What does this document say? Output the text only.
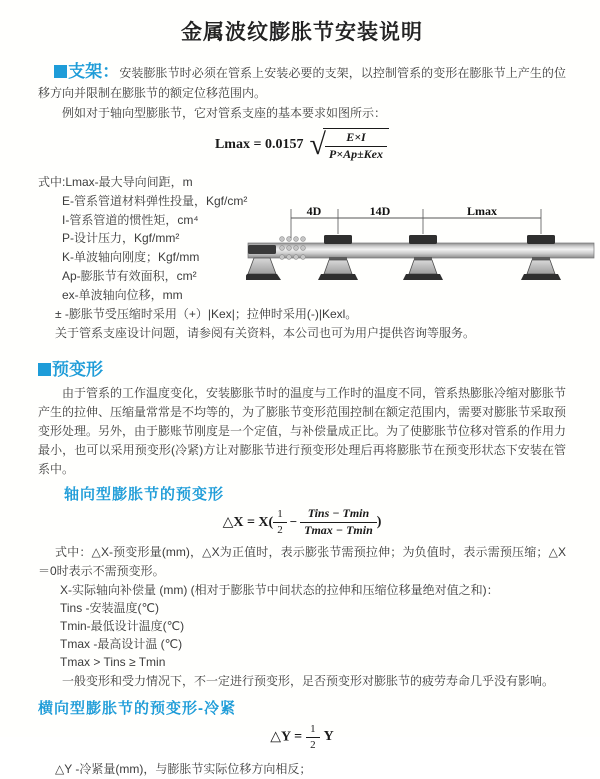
金属波纹膨胀节安装说明

支架：安装膨胀节时必须在管系上安装必要的支架，以控制管系的变形在膨胀节上产生的位移方向并限制在膨胀节的额定位移范围内。

例如对于轴向型膨胀节，它对管系支座的基本要求如图所示：

Lmax = 0.0157 √ $\frac{E\times I}{\text{P×Ap±Kex}}$
式中:Lmax-最大导向间距，m
E-管系管道材料弹性投量，Kgf/cm²
I-管系管道的惯性矩，cm⁴
P-设计压力，Kgf/mm²
K-单波轴向刚度；Kgf/mm
Ap-膨胀节有效面积，cm²
ex-单波轴向位移，mm
4D	14D	Lmax

± -膨胀节受压缩时采用（+）|Kex|；拉伸时采用(-)|Kexl。

关于管系支座设计问题，请参阅有关资料，本公司也可为用户提供咨询等服务。

预变形

由于管系的工作温度变化，安装膨胀节时的温度与工作时的温度不同，管系热膨胀冷缩对膨胀节产生的拉伸、压缩量常常是不均等的，为了膨胀节变形范围控制在额定范围内，需要对膨胀节采取预变形处理。另外，由于膨账节刚度是一个定值，与补偿量成正比。为了使膨胀节位移对管系的作用力最小，也可以采用预变形(冷紧)方让对膨胀节进行预变形处理后再将膨胀节在预变形状态下安装在管系中。

轴向型膨胀节的预变形
△X = $X( \frac{1}{2} - \frac{\text{Tins − Tmin}}{Tmax - Tmin}$ )

式中：△X-预变形量(mm)，△X为正值时，表示膨张节需预拉伸；为负值时，表示需预压缩；△X＝0时表示不需预变形。

X-实际轴向补偿量 (mm) (相对于膨胀节中间状态的拉伸和压缩位移量绝对值之和)：

Tins -安装温度(℃)

Tmin-最低设计温度(℃)

Tmax -最高设计温 (℃)

Tmax > Tins ≥ Tmin

一般变形和受力情况下，不一定进行预变形，足否预变形对膨胀节的疲劳寿命几乎没有影响。

横向型膨胀节的预变形-冷紧
△Y = $\frac{1}{2}$ Y

△Y -冷紧量(mm)，与膨胀节实际位移方向相反；
